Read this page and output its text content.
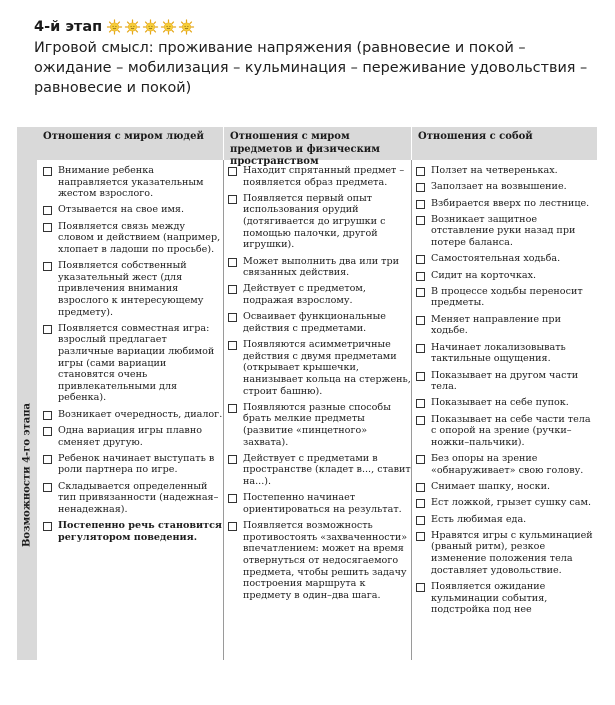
4-й этап
Игровой смысл: проживание напряжения (равновесие и покой – ожидание – мобилизация – кульминация – переживание удовольствия – равновесие и покой)
Отношения с миром людей	Отношения с миром предметов и физическим пространством
Отношения с собой
Возможности 4-го этапа
Внимание ребенка направляется указательным жестом взрослого.
Отзывается на свое имя.
Появляется связь между словом и действием (например, хлопает в ладоши по просьбе).
Появляется собственный указательный жест (для привлечения внимания взрослого к интересующему предмету).
Появляется совместная игра: взрослый предлагает различные вариации любимой игры (сами вариации становятся очень привлекательными для ребенка).
Возникает очередность, диалог.
Одна вариация игры плавно сменяет другую.
Ребенок начинает выступать в роли партнера по игре.
Складывается определенный тип привязанности (надежная–ненадежная).
Постепенно речь становится регулятором поведения.
Находит спрятанный предмет – появляется образ предмета.
Появляется первый опыт использования орудий (дотягивается до игрушки с помощью палочки, другой игрушки).
Может выполнить два или три связанных действия.
Действует с предметом, подражая взрослому.
Осваивает функциональные действия с предметами.
Появляются асимметричные действия с двумя предметами (открывает крышечки, нанизывает кольца на стержень, строит башню).
Появляются разные способы брать мелкие предметы (развитие «пинцетного» захвата).
Действует с предметами в пространстве (кладет в..., ставит на...).
Постепенно начинает ориентироваться на результат.
Появляется возможность противостоять «захваченности» впечатлением: может на время отвернуться от недосягаемого предмета, чтобы решить задачу построения маршрута к предмету в один–два шага.
Ползет на четвереньках.
Заползает на возвышение.
Взбирается вверх по лестнице.
Возникает защитное отставление руки назад при потере баланса.
Самостоятельная ходьба.
Сидит на корточках.
В процессе ходьбы переносит предметы.
Меняет направление при ходьбе.
Начинает локализовывать тактильные ощущения.
Показывает на другом части тела.
Показывает на себе пупок.
Показывает на себе части тела с опорой на зрение (ручки–ножки–пальчики).
Без опоры на зрение «обнаруживает» свою голову.
Снимает шапку, носки.
Ест ложкой, грызет сушку сам.
Есть любимая еда.
Нравятся игры с кульминацией (рваный ритм), резкое изменение положения тела доставляет удовольствие.
Появляется ожидание кульминации события, подстройка под нее
